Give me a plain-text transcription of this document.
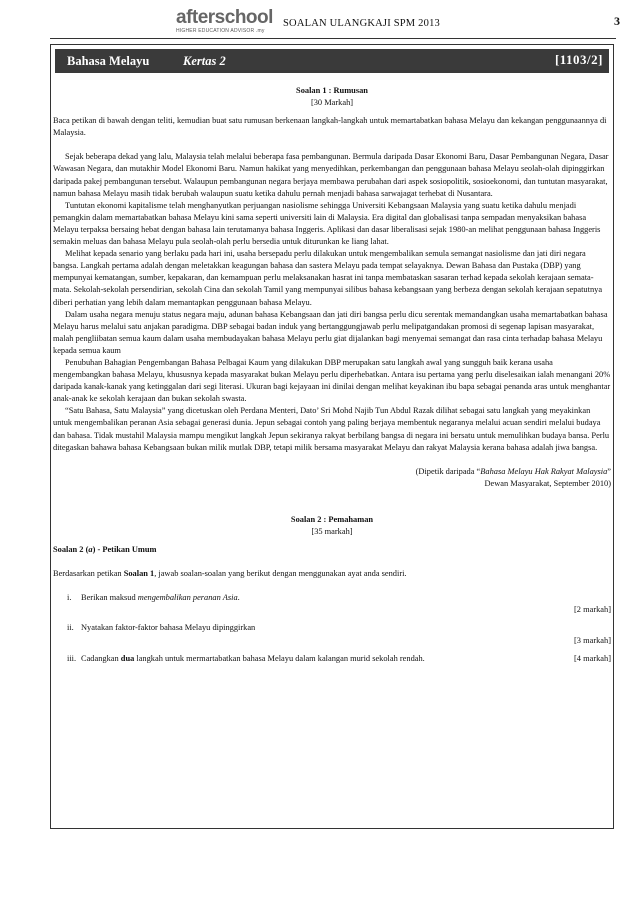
afterschool
HIGHER EDUCATION ADVISOR .my
SOALAN ULANGKAJI SPM 2013	3
Bahasa Melayu	Kertas 2	[1103/2]
Soalan 1 : Rumusan
[30 Markah]

Baca petikan di bawah dengan teliti, kemudian buat satu rumusan berkenaan langkah-langkah untuk memartabatkan bahasa Melayu dan kekangan penggunaannya di Malaysia.

Sejak beberapa dekad yang lalu, Malaysia telah melalui beberapa fasa pembangunan. Bermula daripada Dasar Ekonomi Baru, Dasar Pembangunan Negara, Dasar Wawasan Negara, dan mutakhir Model Ekonomi Baru. Namun hakikat yang menyedihkan, perkembangan dan penggunaan bahasa Melayu seolah-olah dipinggirkan daripada pakej pembangunan tersebut. Walaupun pembangunan negara berjaya membawa perubahan dari aspek sosiopolitik, sosioekonomi, dan tuntutan masyarakat, namun bahasa Melayu masih tidak berubah walaupun suatu ketika dahulu pernah menjadi bahasa sarwajagat terhebat di Nusantara.

Tuntutan ekonomi kapitalisme telah menghanyutkan perjuangan nasiolisme sehingga Universiti Kebangsaan Malaysia yang suatu ketika dahulu menjadi pemangkin dalam memartabatkan bahasa Melayu kini sama seperti universiti lain di Malaysia. Era digital dan globalisasi tanpa sempadan menyaksikan bahasa Melayu terpaksa bersaing hebat dengan bahasa lain terutamanya bahasa Inggeris. Aplikasi dan dasar liberalisasi sejak 1980-an melihat penggunaan bahasa Inggeris semakin meluas dan bahasa Melayu pula seolah-olah perlu bersedia untuk diturunkan ke liang lahat.

Melihat kepada senario yang berlaku pada hari ini, usaha bersepadu perlu dilakukan untuk mengembalikan semula semangat nasiolisme dan jati diri negara bangsa. Langkah pertama adalah dengan meletakkan keagungan bahasa dan sastera Melayu pada tempat selayaknya. Dewan Bahasa dan Pustaka (DBP) yang mempunyai kematangan, sumber, kepakaran, dan kemampuan perlu melaksanakan hasrat ini tanpa membataskan sasaran terhad kepada sekolah kerajaan semata-mata. Sekolah-sekolah persendirian, sekolah Cina dan sekolah Tamil yang mempunyai silibus bahasa kebangsaan yang berbeza dengan sekolah kerajaan sepatutnya diberi perhatian yang lebih dalam memantapkan penggunaan bahasa Melayu.

Dalam usaha negara menuju status negara maju, adunan bahasa Kebangsaan dan jati diri bangsa perlu dicu serentak memandangkan usaha memartabatkan bahasa Melayu harus melalui satu anjakan paradigma. DBP sebagai badan induk yang bertanggungjawab perlu melipatgandakan promosi di segenap lapisan masyarakat, malah pengliibatan semua kaum dalam usaha membudayakan bahasa Melayu perlu giat dijalankan bagi menyemai semangat dan rasa cinta terhadap bahasa Melayu kepada semua kaum

Penubuhan Bahagian Pengembangan Bahasa Pelbagai Kaum yang dilakukan DBP merupakan satu langkah awal yang sungguh baik kerana usaha mengembangkan bahasa Melayu, khususnya kepada masyarakat bukan Melayu perlu diperhebatkan. Antara isu pertama yang perlu diselesaikan ialah menangani 20% daripada kanak-kanak yang ketinggalan dari segi literasi. Ukuran bagi kejayaan ini dinilai dengan melihat keyakinan ibu bapa sebagai penanda aras untuk menghantar anak-anak ke sekolah kerajaan dan bukan sekolah swasta.

“Satu Bahasa, Satu Malaysia” yang dicetuskan oleh Perdana Menteri, Dato’ Sri Mohd Najib Tun Abdul Razak dilihat sebagai satu langkah yang meyakinkan untuk mengembalikan peranan Asia sebagai generasi dunia. Jepun sebagai contoh yang paling berjaya membentuk negaranya melalui acuan sendiri melalui budaya dan bahasa. Tidak mustahil Malaysia mampu mengikut langkah Jepun sekiranya rakyat berbilang bangsa di negara ini bersatu untuk memulihkan budaya bansa. Perlu ditegaskan bahawa bahasa Kebangsaan bukan milik mutlak DBP, tetapi milik bersama masyarakat Melayu dan rakyat Malaysia kerana bahasa adalah jiwa bangsa.

(Dipetik daripada “Bahasa Melayu Hak Rakyat Malaysia”
Dewan Masyarakat, September 2010)
Soalan 2 : Pemahaman
[35 markah]
Soalan 2 (a) - Petikan Umum
Berdasarkan petikan Soalan 1, jawab soalan-soalan yang berikut dengan menggunakan ayat anda sendiri.
i. Berikan maksud mengembalikan peranan Asia.
[2 markah]
ii. Nyatakan faktor-faktor bahasa Melayu dipinggirkan
[3 markah]
iii. Cadangkan dua langkah untuk mermartabatkan bahasa Melayu dalam kalangan murid sekolah rendah.	[4 markah]
